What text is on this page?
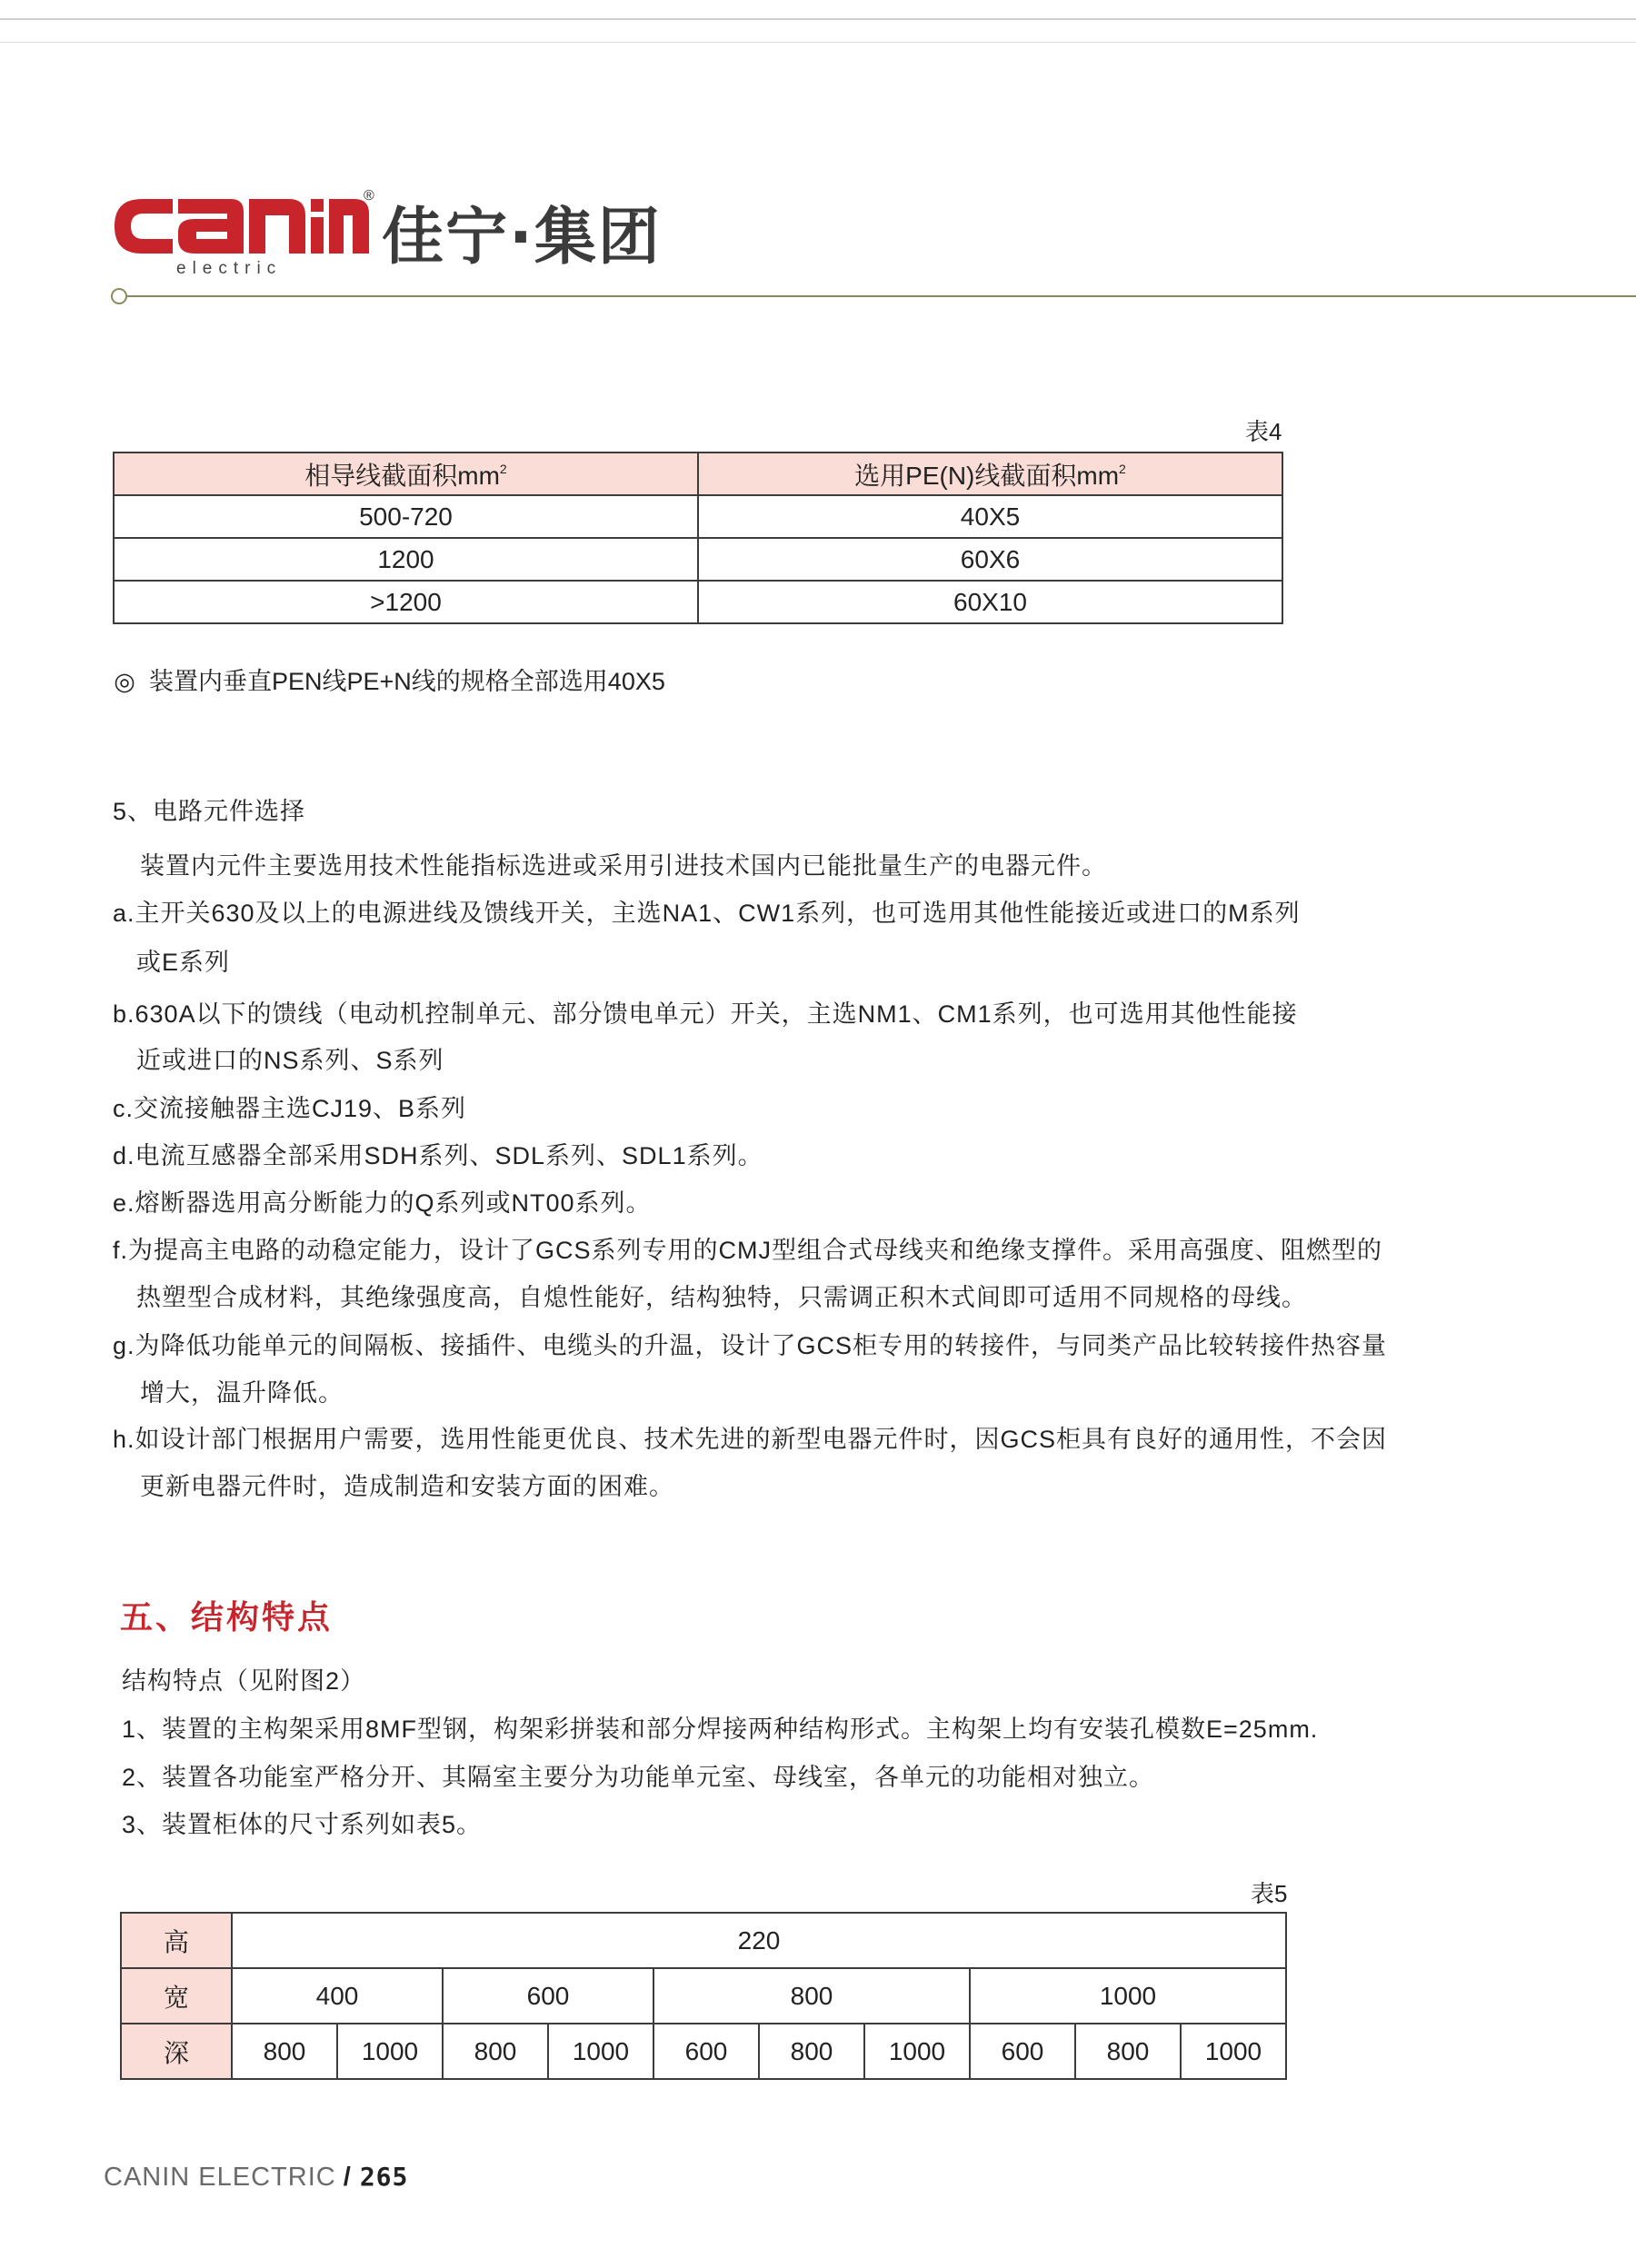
®
佳宁·集团
electric
表4
相导线截面积$mm^2$	选用PE(N)线截面积$mm^2$
500-720	40X5
1200	60X6
>1200	60X10
◎ 装置内垂直PEN线PE+N线的规格全部选用40X5
5、电路元件选择
装置内元件主要选用技术性能指标选进或采用引进技术国内已能批量生产的电器元件。
a.主开关630及以上的电源进线及馈线开关，主选NA1、CW1系列，也可选用其他性能接近或进口的M系列
或E系列
b.630A以下的馈线（电动机控制单元、部分馈电单元）开关，主选NM1、CM1系列，也可选用其他性能接
近或进口的NS系列、S系列
c.交流接触器主选CJ19、B系列
d.电流互感器全部采用SDH系列、SDL系列、SDL1系列。
e.熔断器选用高分断能力的Q系列或NT00系列。
f.为提高主电路的动稳定能力，设计了GCS系列专用的CMJ型组合式母线夹和绝缘支撑件。采用高强度、阻燃型的
热塑型合成材料，其绝缘强度高，自熄性能好，结构独特，只需调正积木式间即可适用不同规格的母线。
g.为降低功能单元的间隔板、接插件、电缆头的升温，设计了GCS柜专用的转接件，与同类产品比较转接件热容量
增大，温升降低。
h.如设计部门根据用户需要，选用性能更优良、技术先进的新型电器元件时，因GCS柜具有良好的通用性，不会因
更新电器元件时，造成制造和安装方面的困难。
五、结构特点
结构特点（见附图2）
1、装置的主构架采用8MF型钢，构架彩拼装和部分焊接两种结构形式。主构架上均有安装孔模数E=25mm.
2、装置各功能室严格分开、其隔室主要分为功能单元室、母线室，各单元的功能相对独立。
3、装置柜体的尺寸系列如表5。
表5
高	220									
宽	400		600		800			1000		
深	800	1000	800	1000	600	800	1000	600	800	1000
CANIN ELECTRIC / 265
